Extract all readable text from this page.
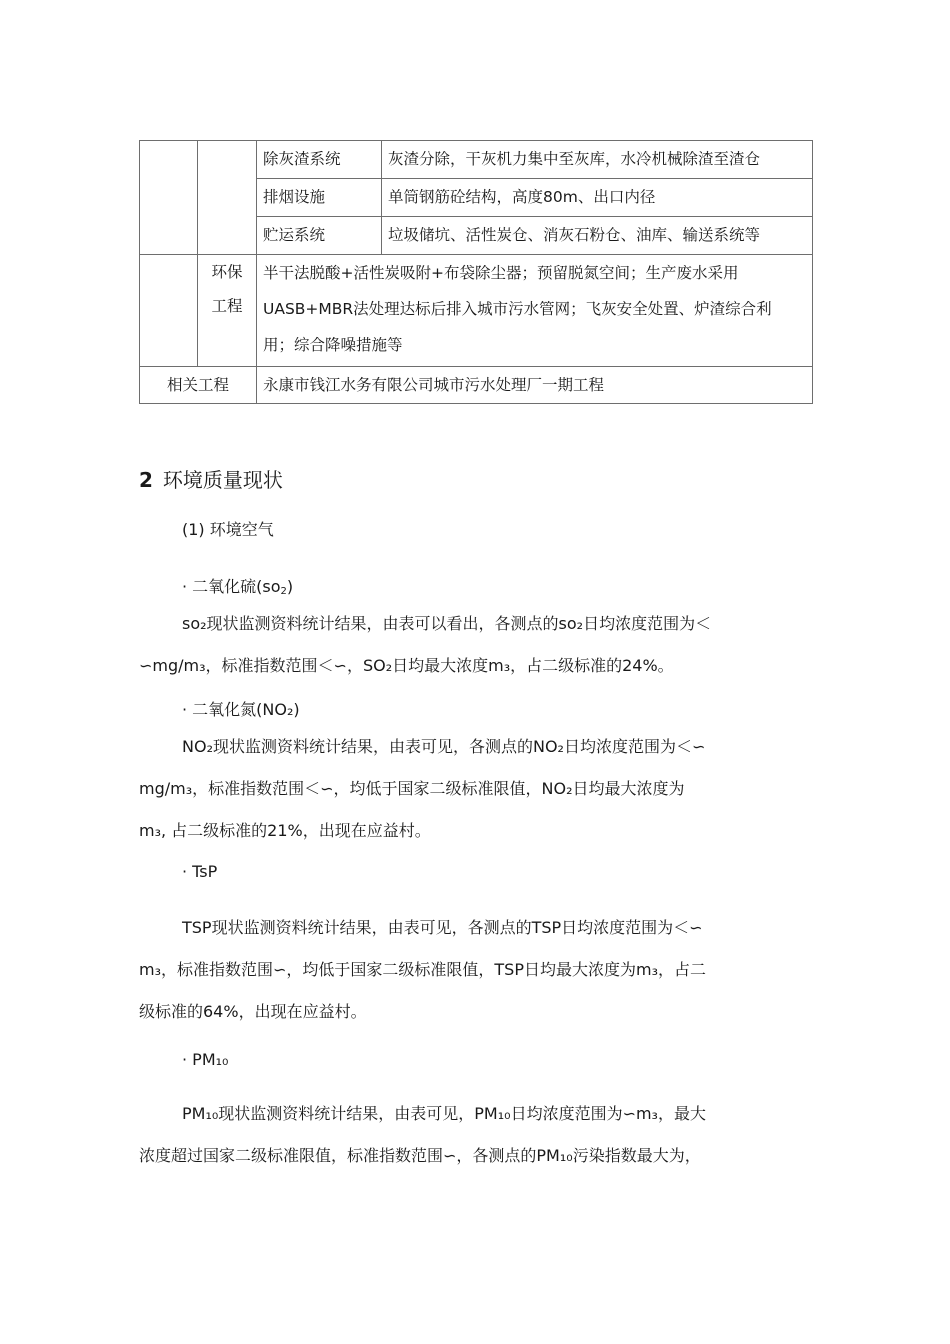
		除灰渣系统	灰渣分除，干灰机力集中至灰库，水冷机械除渣至渣仓
		排烟设施	单筒钢筋砼结构，高度80m、出口内径
		贮运系统	垃圾储坑、活性炭仓、消灰石粉仓、油库、输送系统等
	环保工程	半干法脱酸+活性炭吸附+布袋除尘器；预留脱氮空间；生产废水采用
UASB+MBR法处理达标后排入城市污水管网；飞灰安全处置、炉渣综合利
用；综合降噪措施等	

相关工程		永康市钱江水务有限公司城市污水处理厂一期工程	
2 环境质量现状
(1) 环境空气
· 二氧化硫(so2)

so₂现状监测资料统计结果，由表可以看出，各测点的so₂日均浓度范围为＜
∽mg/m₃，标准指数范围＜∽，SO₂日均最大浓度m₃，占二级标准的24%。

· 二氧化氮(NO₂)

NO₂现状监测资料统计结果，由表可见，各测点的NO₂日均浓度范围为＜∽
mg/m₃，标准指数范围＜∽，均低于国家二级标准限值，NO₂日均最大浓度为
m₃, 占二级标准的21%，出现在应益村。

· TsP

TSP现状监测资料统计结果，由表可见，各测点的TSP日均浓度范围为＜∽
m₃，标准指数范围∽，均低于国家二级标准限值，TSP日均最大浓度为m₃，占二
级标准的64%，出现在应益村。

· PM₁₀

PM₁₀现状监测资料统计结果，由表可见，PM₁₀日均浓度范围为∽m₃，最大
浓度超过国家二级标准限值，标准指数范围∽，各测点的PM₁₀污染指数最大为，
